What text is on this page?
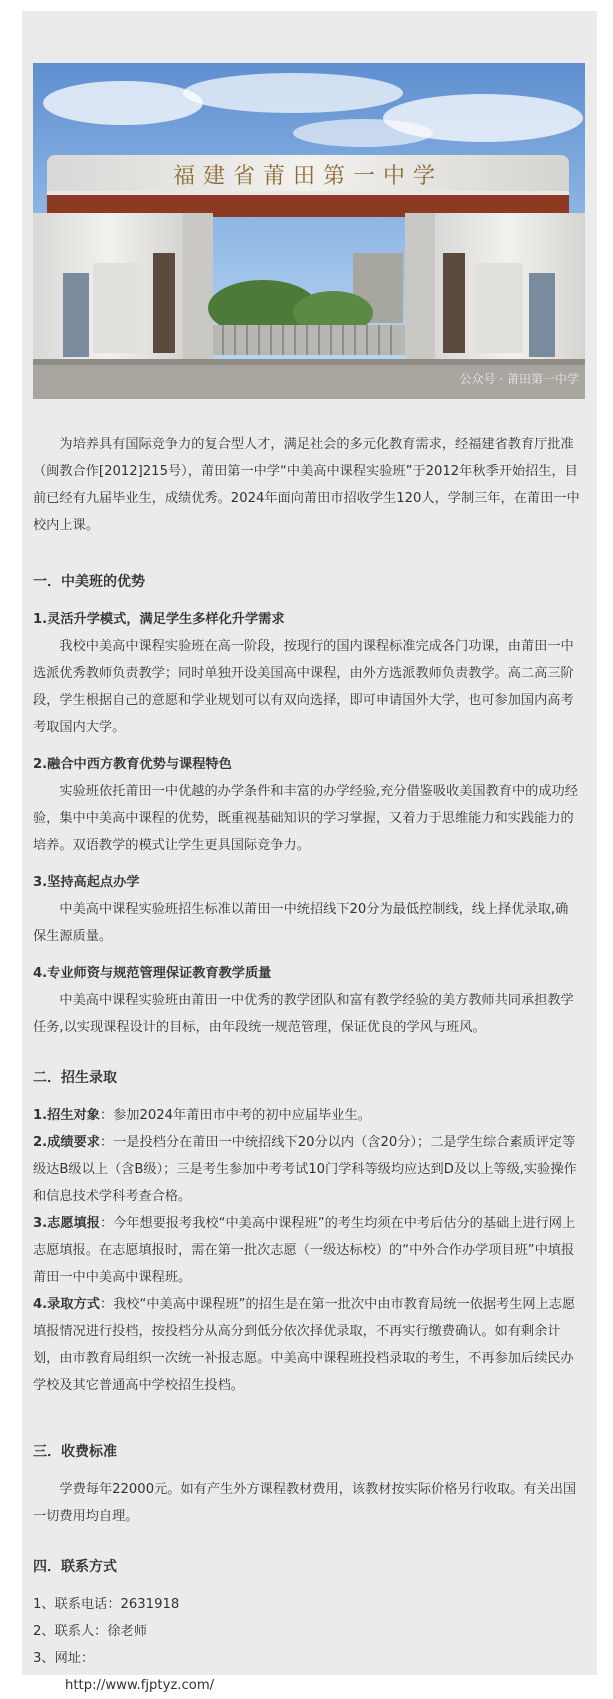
福建省莆田第一中学
公众号 · 莆田第一中学

为培养具有国际竞争力的复合型人才，满足社会的多元化教育需求，经福建省教育厅批准（闽教合作[2012]215号），莆田第一中学“中美高中课程实验班”于2012年秋季开始招生，目前已经有九届毕业生，成绩优秀。2024年面向莆田市招收学生120人，学制三年，在莆田一中校内上课。

一．中美班的优势

1.灵活升学模式，满足学生多样化升学需求

我校中美高中课程实验班在高一阶段，按现行的国内课程标准完成各门功课，由莆田一中选派优秀教师负责教学；同时单独开设美国高中课程，由外方选派教师负责教学。高二高三阶段，学生根据自己的意愿和学业规划可以有双向选择，即可申请国外大学，也可参加国内高考考取国内大学。

2.融合中西方教育优势与课程特色

实验班依托莆田一中优越的办学条件和丰富的办学经验,充分借鉴吸收美国教育中的成功经验，集中中美高中课程的优势，既重视基础知识的学习掌握，又着力于思维能力和实践能力的培养。双语教学的模式让学生更具国际竞争力。

3.坚持高起点办学

中美高中课程实验班招生标准以莆田一中统招线下20分为最低控制线，线上择优录取,确保生源质量。

4.专业师资与规范管理保证教育教学质量

中美高中课程实验班由莆田一中优秀的教学团队和富有教学经验的美方教师共同承担教学任务,以实现课程设计的目标，由年段统一规范管理，保证优良的学风与班风。

二．招生录取

1.招生对象：参加2024年莆田市中考的初中应届毕业生。

2.成绩要求：一是投档分在莆田一中统招线下20分以内（含20分）；二是学生综合素质评定等级达B级以上（含B级）；三是考生参加中考考试10门学科等级均应达到D及以上等级,实验操作和信息技术学科考查合格。

3.志愿填报：今年想要报考我校“中美高中课程班”的考生均须在中考后估分的基础上进行网上志愿填报。在志愿填报时，需在第一批次志愿（一级达标校）的“中外合作办学项目班”中填报莆田一中中美高中课程班。

4.录取方式：我校“中美高中课程班”的招生是在第一批次中由市教育局统一依据考生网上志愿填报情况进行投档，按投档分从高分到低分依次择优录取，不再实行缴费确认。如有剩余计划，由市教育局组织一次统一补报志愿。中美高中课程班投档录取的考生，不再参加后续民办学校及其它普通高中学校招生投档。

三．收费标准

学费每年22000元。如有产生外方课程教材费用，该教材按实际价格另行收取。有关出国一切费用均自理。

四．联系方式

1、联系电话：2631918

2、联系人：徐老师

3、网址：

http://www.fjptyz.com/
